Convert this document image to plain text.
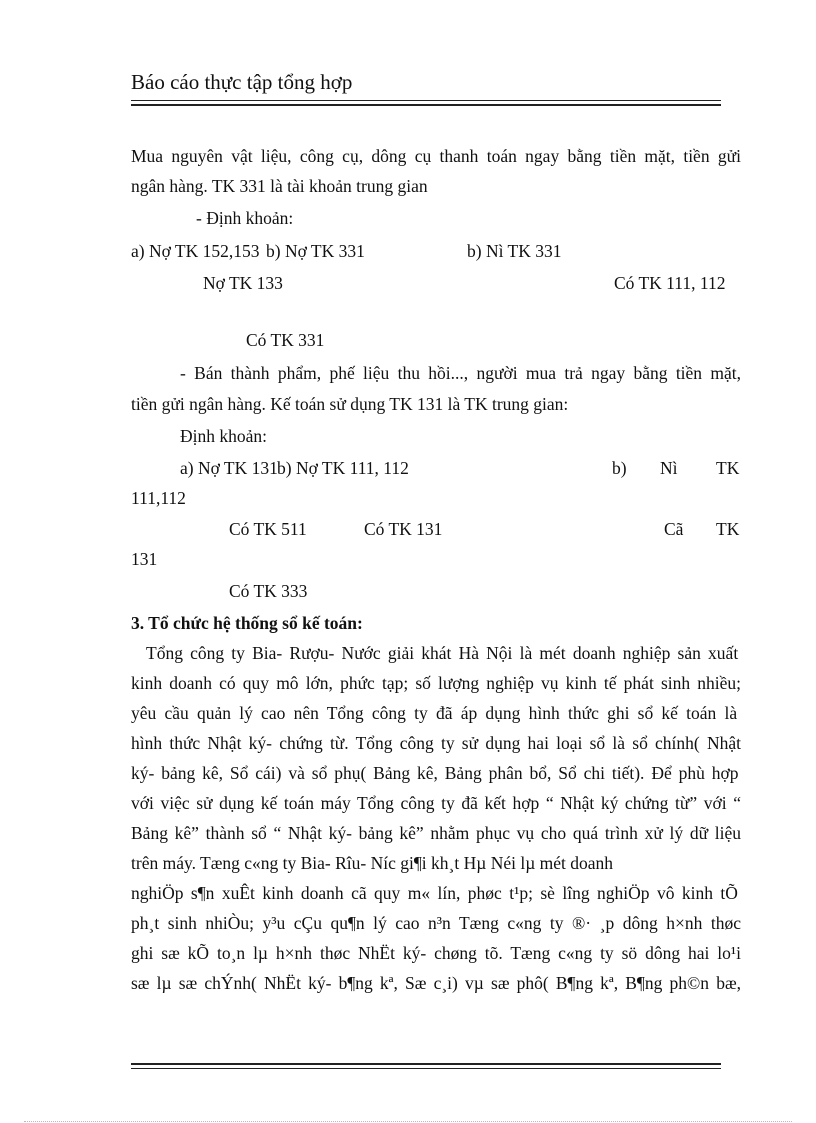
Báo cáo thực tập tổng hợp
Mua nguyên vật liệu, công cụ, dông cụ thanh toán ngay bằng tiền mặt, tiền gửi
ngân hàng. TK 331 là tài khoản trung gian
- Định khoản:
a) Nợ TK 152,153 b) Nợ TK 331	b) Nì TK 331
Nợ TK 133	Có TK 111, 112
Có TK 331
- Bán thành phẩm, phế liệu thu hồi..., người mua trả ngay bằng tiền mặt,
tiền gửi ngân hàng. Kế toán sử dụng TK 131 là TK trung gian:
Định khoản:
a) Nợ TK 131 b) Nợ TK 111, 112	b) Nì TK
111,112
Có TK 511	Có TK 131	Cã TK
131
Có TK 333
3. Tổ chức hệ thống sổ kế toán:
Tổng công ty Bia- Rượu- Nước giải khát Hà Nội là mét doanh nghiệp sản xuất
kinh doanh có quy mô lớn, phức tạp; số lượng nghiệp vụ kinh tế phát sinh nhiều;
yêu cầu quản lý cao nên Tổng công ty đã áp dụng hình thức ghi sổ kế toán là
hình thức Nhật ký- chứng từ. Tổng công ty sử dụng hai loại sổ là sổ chính( Nhật
ký- bảng kê, Sổ cái) và sổ phụ( Bảng kê, Bảng phân bổ, Sổ chi tiết). Để phù hợp
với việc sử dụng kế toán máy Tổng công ty đã kết hợp “ Nhật ký chứng từ” với “
Bảng kê” thành sổ “ Nhật ký- bảng kê” nhằm phục vụ cho quá trình xử lý dữ liệu
trên máy. Tæng c«ng ty Bia- Rîu- Níc gi¶i kh¸t Hµ Néi lµ mét doanh
nghiÖp s¶n xuÊt kinh doanh cã quy m« lín, phøc t¹p; sè lîng nghiÖp vô kinh tÕ
ph¸t sinh nhiÒu; y³u cÇu qu¶n lý cao n³n Tæng c«ng ty ®· ¸p dông h×nh thøc
ghi sæ kÕ to¸n lµ h×nh thøc NhËt ký- chøng tõ. Tæng c«ng ty sö dông hai lo¹i
sæ lµ sæ chÝnh( NhËt ký- b¶ng kª, Sæ c¸i) vµ sæ phô( B¶ng kª, B¶ng ph©n bæ,
